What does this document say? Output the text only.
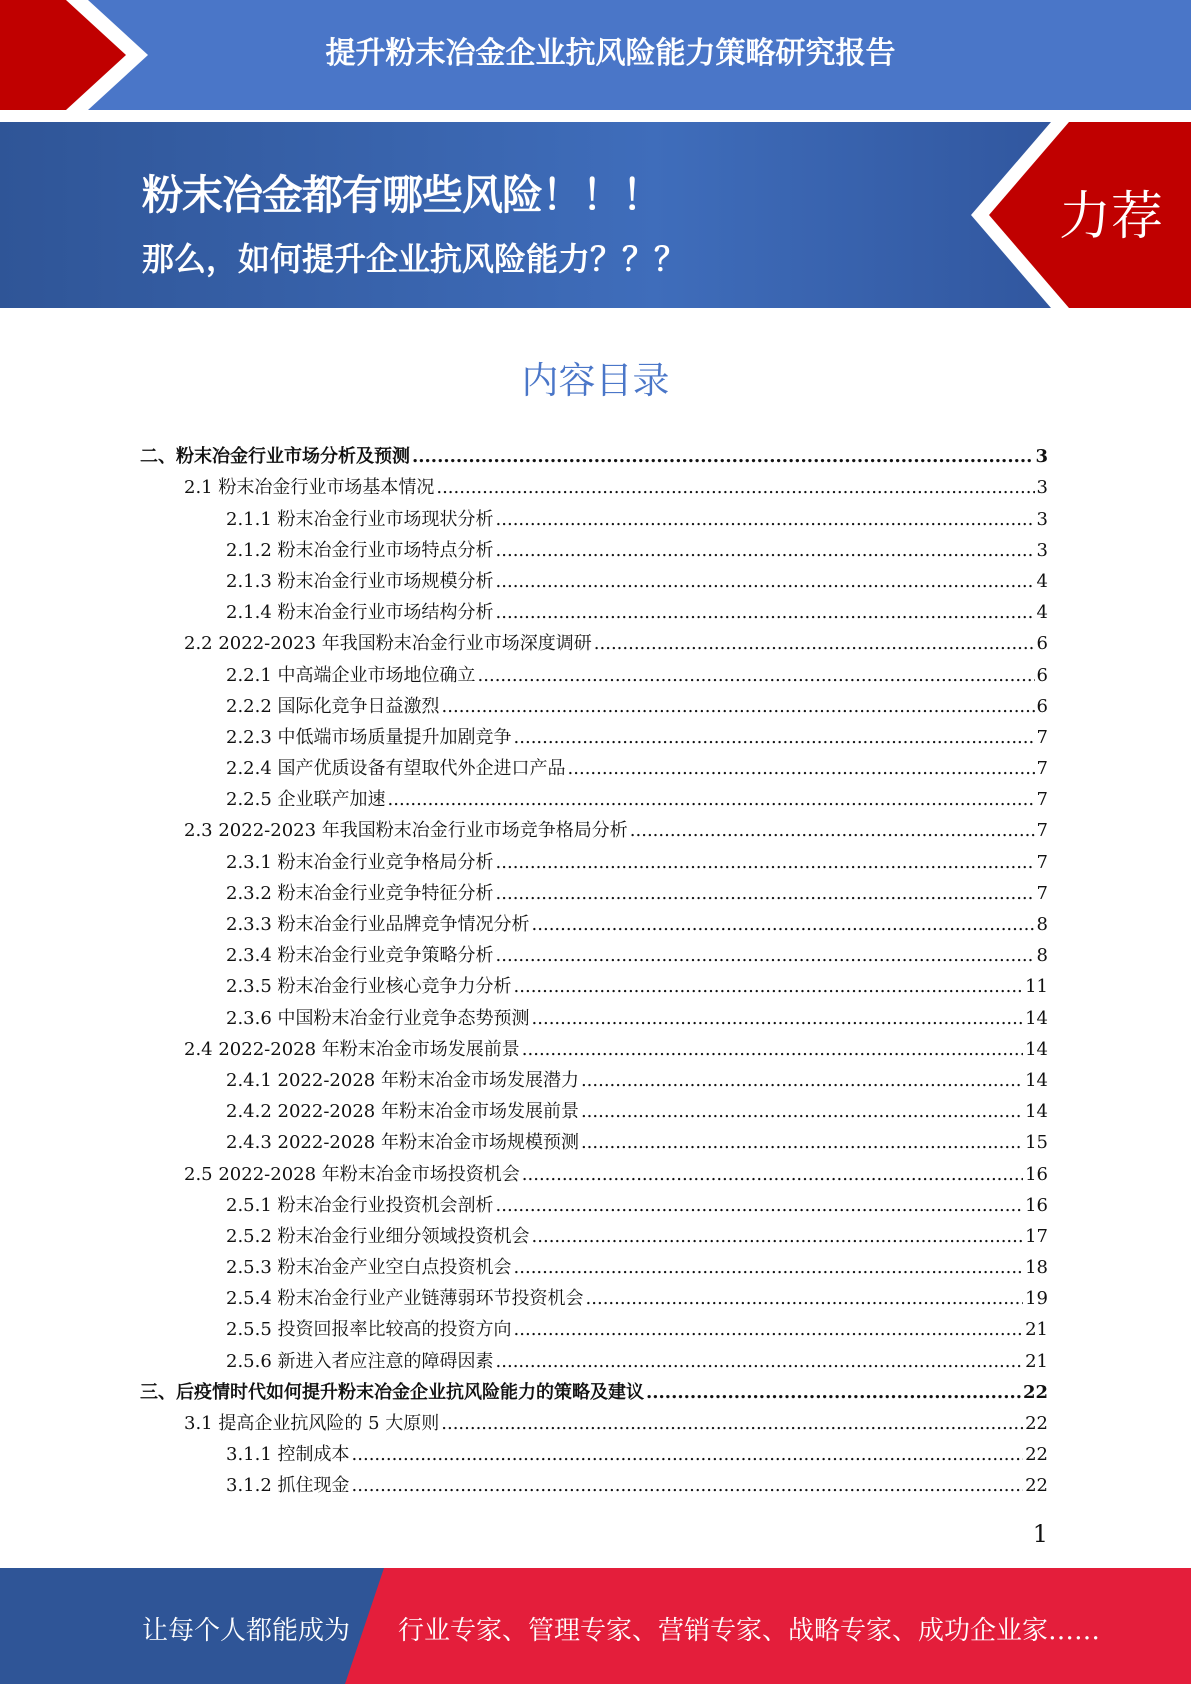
提升粉末冶金企业抗风险能力策略研究报告
粉末冶金都有哪些风险！！！
那么，如何提升企业抗风险能力？？？
力荐
内容目录
二、粉末冶金行业市场分析及预测 .....	3
2.1 粉末冶金行业市场基本情况 .....	3
2.1.1 粉末冶金行业市场现状分析 .....	3
2.1.2 粉末冶金行业市场特点分析 .....	3
2.1.3 粉末冶金行业市场规模分析 .....	4
2.1.4 粉末冶金行业市场结构分析 .....	4
2.2 2022-2023 年我国粉末冶金行业市场深度调研 .....	6
2.2.1 中高端企业市场地位确立 .....	6
2.2.2 国际化竞争日益激烈 .....	6
2.2.3 中低端市场质量提升加剧竞争 .....	7
2.2.4 国产优质设备有望取代外企进口产品 .....	7
2.2.5 企业联产加速 .....	7
2.3 2022-2023 年我国粉末冶金行业市场竞争格局分析 .....	7
2.3.1 粉末冶金行业竞争格局分析 .....	7
2.3.2 粉末冶金行业竞争特征分析 .....	7
2.3.3 粉末冶金行业品牌竞争情况分析 .....	8
2.3.4 粉末冶金行业竞争策略分析 .....	8
2.3.5 粉末冶金行业核心竞争力分析 .....	11
2.3.6 中国粉末冶金行业竞争态势预测 .....	14
2.4 2022-2028 年粉末冶金市场发展前景 .....	14
2.4.1 2022-2028 年粉末冶金市场发展潜力 .....	14
2.4.2 2022-2028 年粉末冶金市场发展前景 .....	14
2.4.3 2022-2028 年粉末冶金市场规模预测 .....	15
2.5 2022-2028 年粉末冶金市场投资机会 .....	16
2.5.1 粉末冶金行业投资机会剖析 .....	16
2.5.2 粉末冶金行业细分领域投资机会 .....	17
2.5.3 粉末冶金产业空白点投资机会 .....	18
2.5.4 粉末冶金行业产业链薄弱环节投资机会 .....	19
2.5.5 投资回报率比较高的投资方向 .....	21
2.5.6 新进入者应注意的障碍因素 .....	21
三、后疫情时代如何提升粉末冶金企业抗风险能力的策略及建议 .....	22
3.1 提高企业抗风险的 5 大原则 .....	22
3.1.1 控制成本 .....	22
3.1.2 抓住现金 .....	22
1
让每个人都能成为 行业专家、管理专家、营销专家、战略专家、成功企业家……
